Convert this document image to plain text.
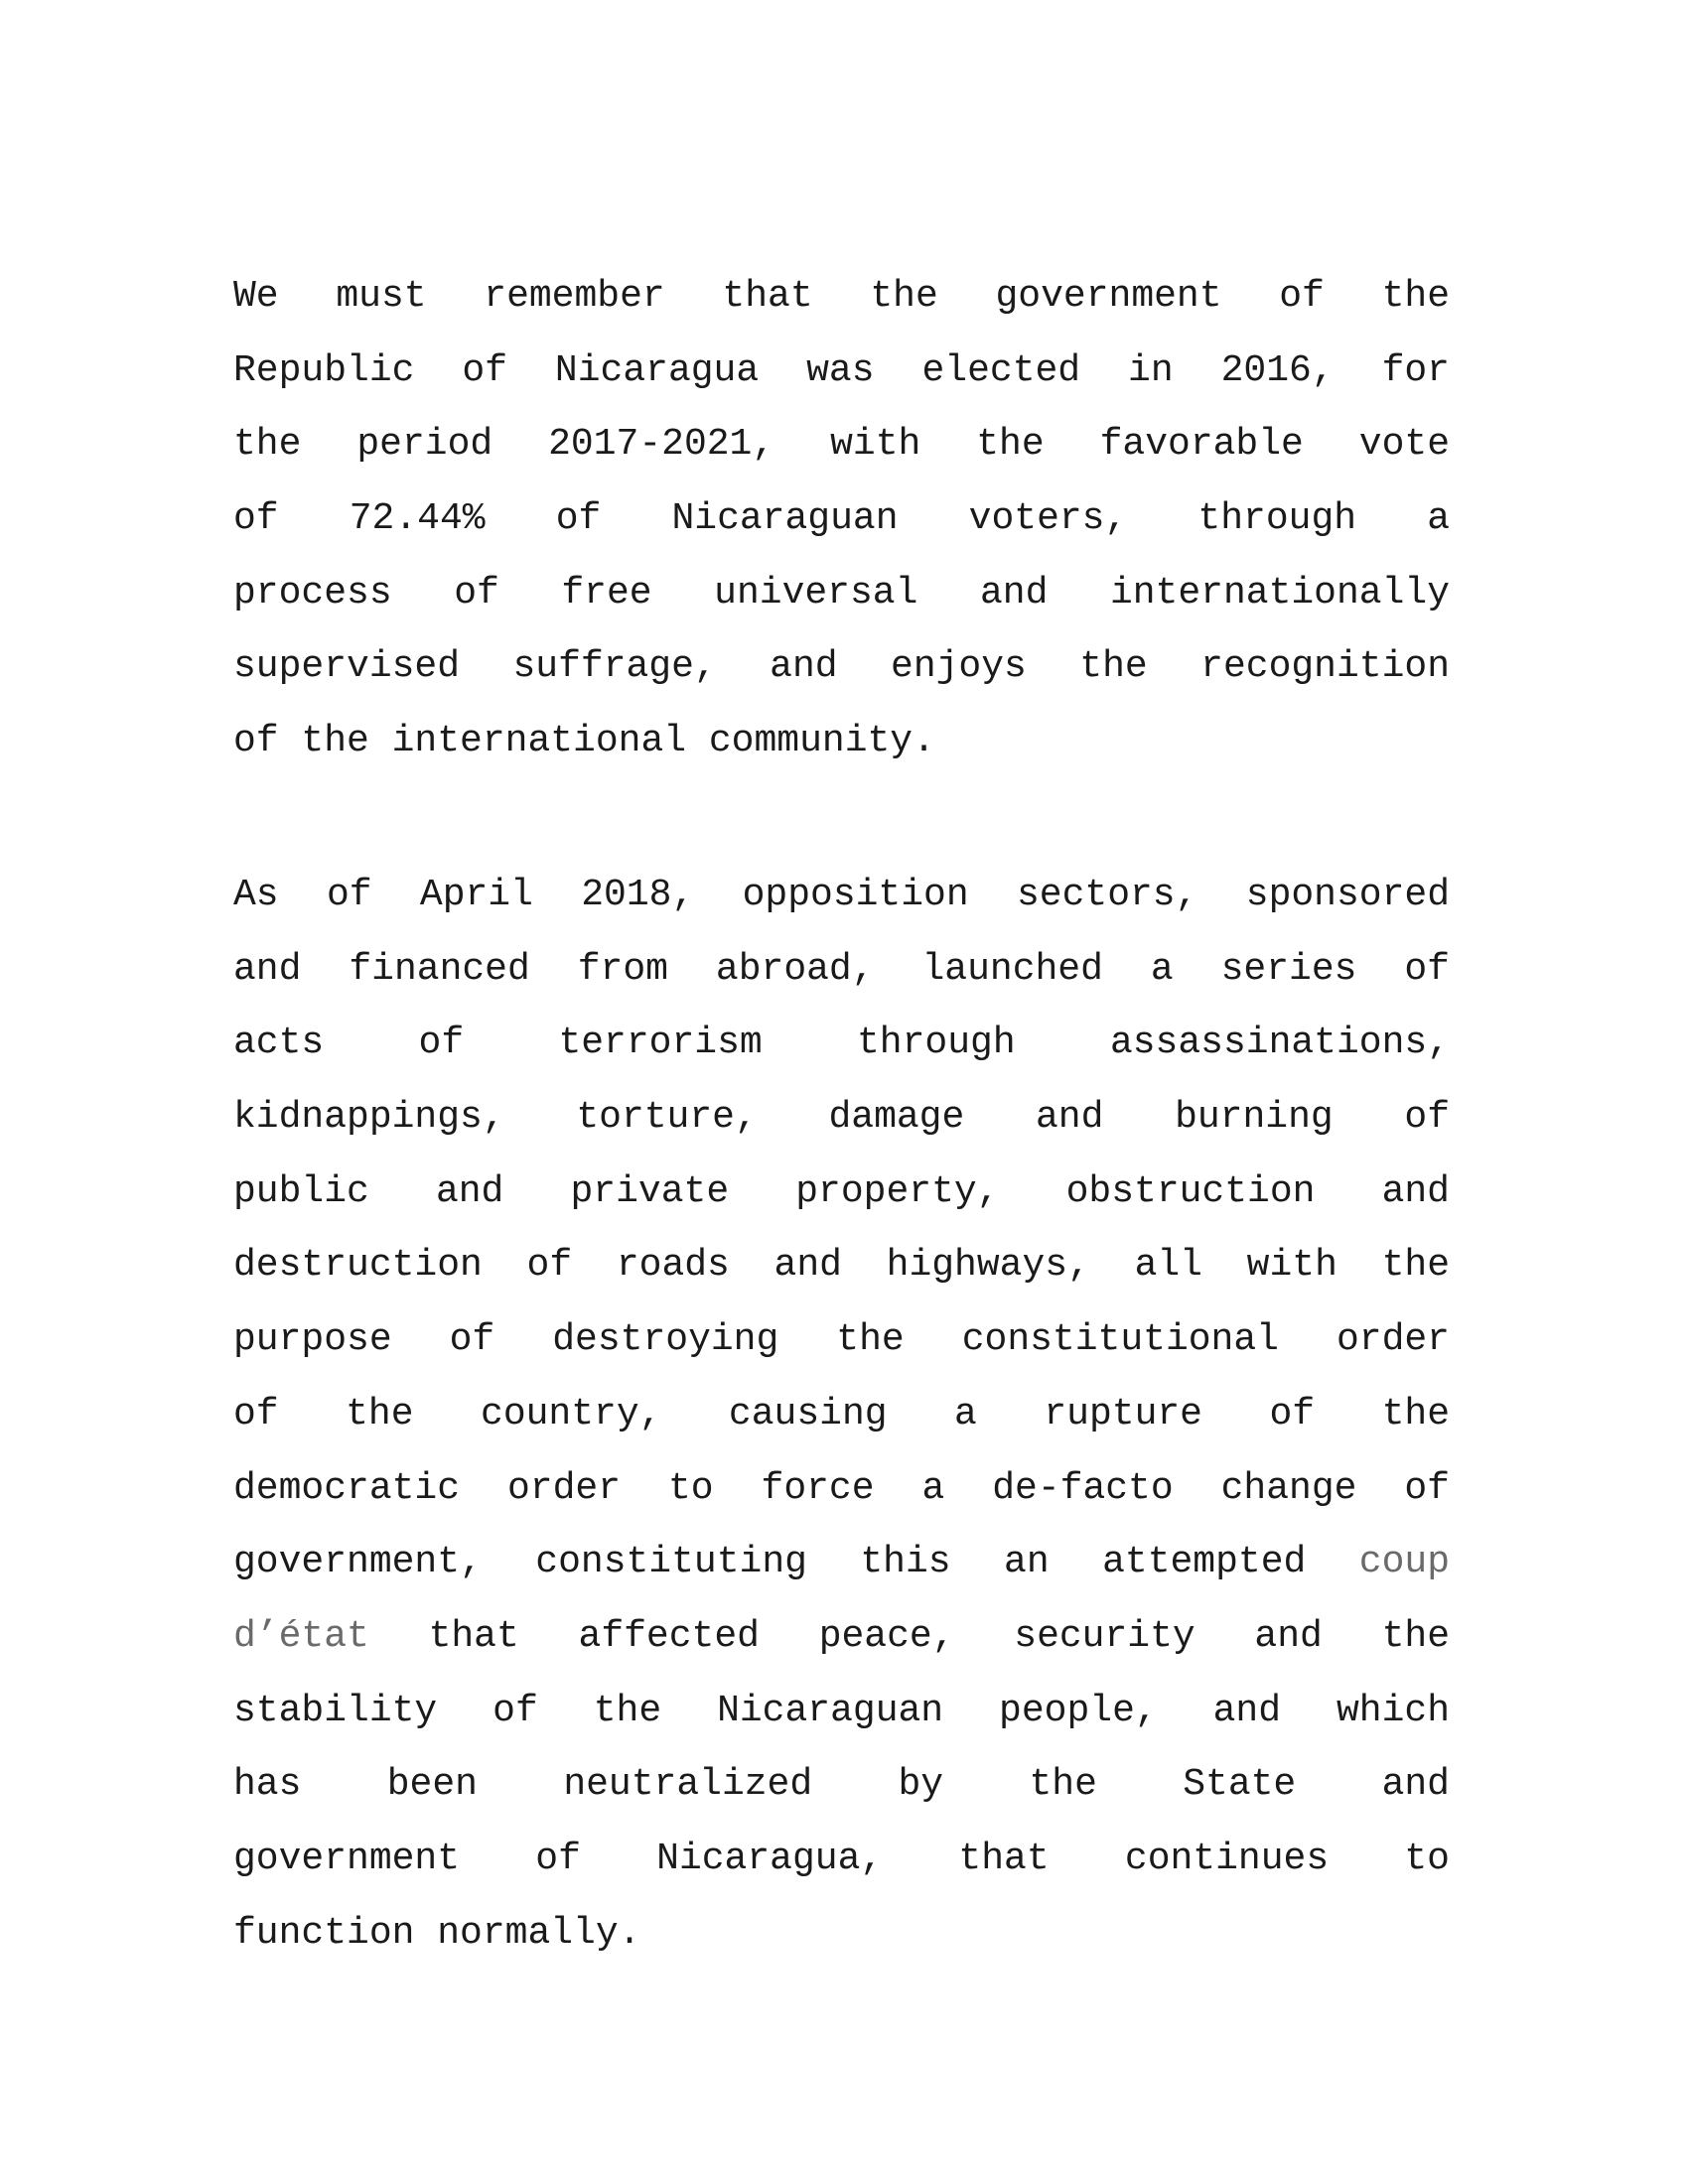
We must remember that the government of the
Republic of Nicaragua was elected in 2016, for
the period 2017-2021, with the favorable vote
of 72.44% of Nicaraguan voters, through a
process of free universal and internationally
supervised suffrage, and enjoys the recognition
of the international community.
As of April 2018, opposition sectors, sponsored
and financed from abroad, launched a series of
acts of terrorism through assassinations,
kidnappings, torture, damage and burning of
public and private property, obstruction and
destruction of roads and highways, all with the
purpose of destroying the constitutional order
of the country, causing a rupture of the
democratic order to force a de-facto change of
government, constituting this an attempted coup
d’état that affected peace, security and the
stability of the Nicaraguan people, and which
has been neutralized by the State and
government of Nicaragua, that continues to
function normally.
